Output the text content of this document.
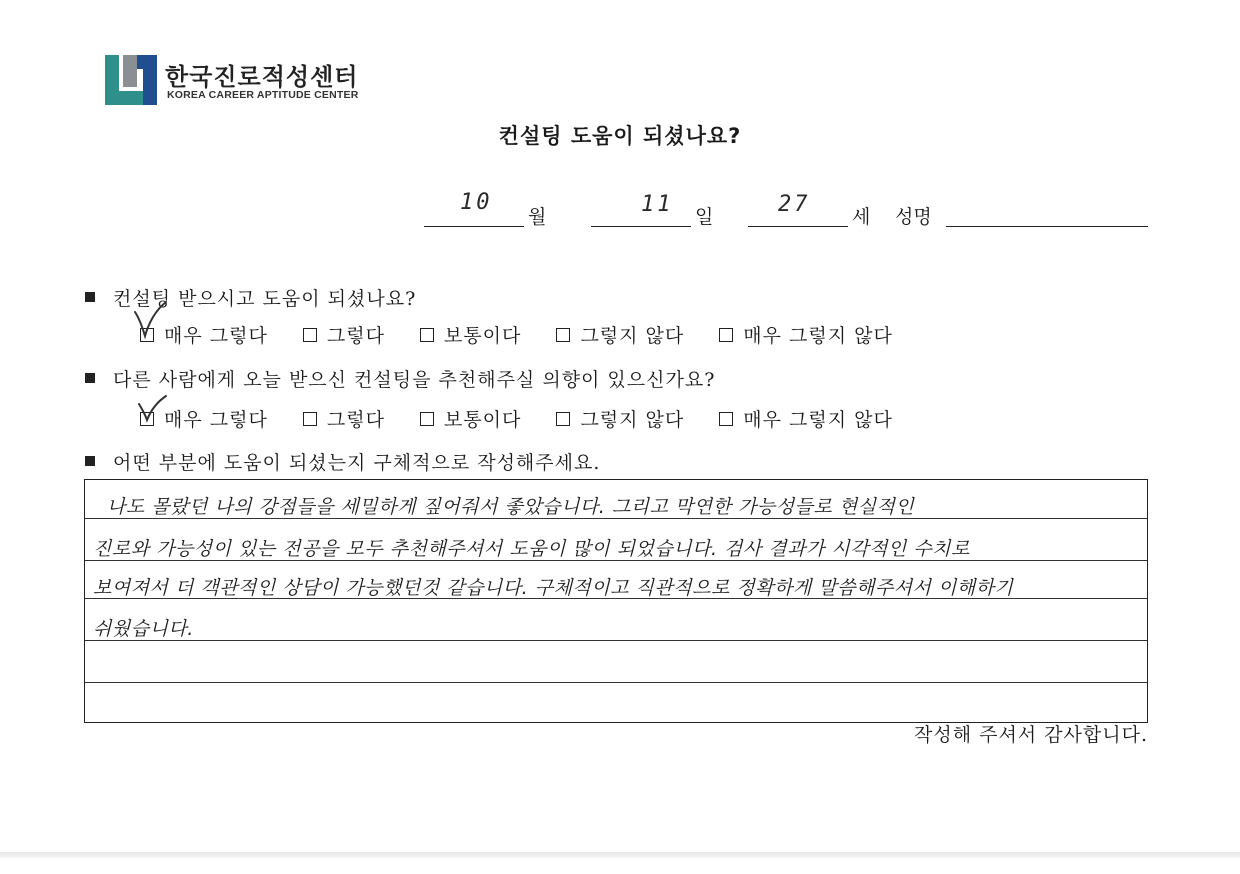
한국진로적성센터
KOREA CAREER APTITUDE CENTER
컨설팅 도움이 되셨나요?
10
월	11 일	27 세 성명
컨설팅 받으시고 도움이 되셨나요?
매우 그렇다	그렇다	보통이다	그렇지 않다	매우 그렇지 않다
다른 사람에게 오늘 받으신 컨설팅을 추천해주실 의향이 있으신가요?
매우 그렇다	그렇다	보통이다	그렇지 않다	매우 그렇지 않다
어떤 부분에 도움이 되셨는지 구체적으로 작성해주세요.
나도 몰랐던 나의 강점들을 세밀하게 짚어줘서 좋았습니다. 그리고 막연한 가능성들로 현실적인
진로와 가능성이 있는 전공을 모두 추천해주셔서 도움이 많이 되었습니다. 검사 결과가 시각적인 수치로
보여져서 더 객관적인 상담이 가능했던것 같습니다. 구체적이고 직관적으로 정확하게 말씀해주셔서 이해하기
쉬웠습니다.
작성해 주셔서 감사합니다.
